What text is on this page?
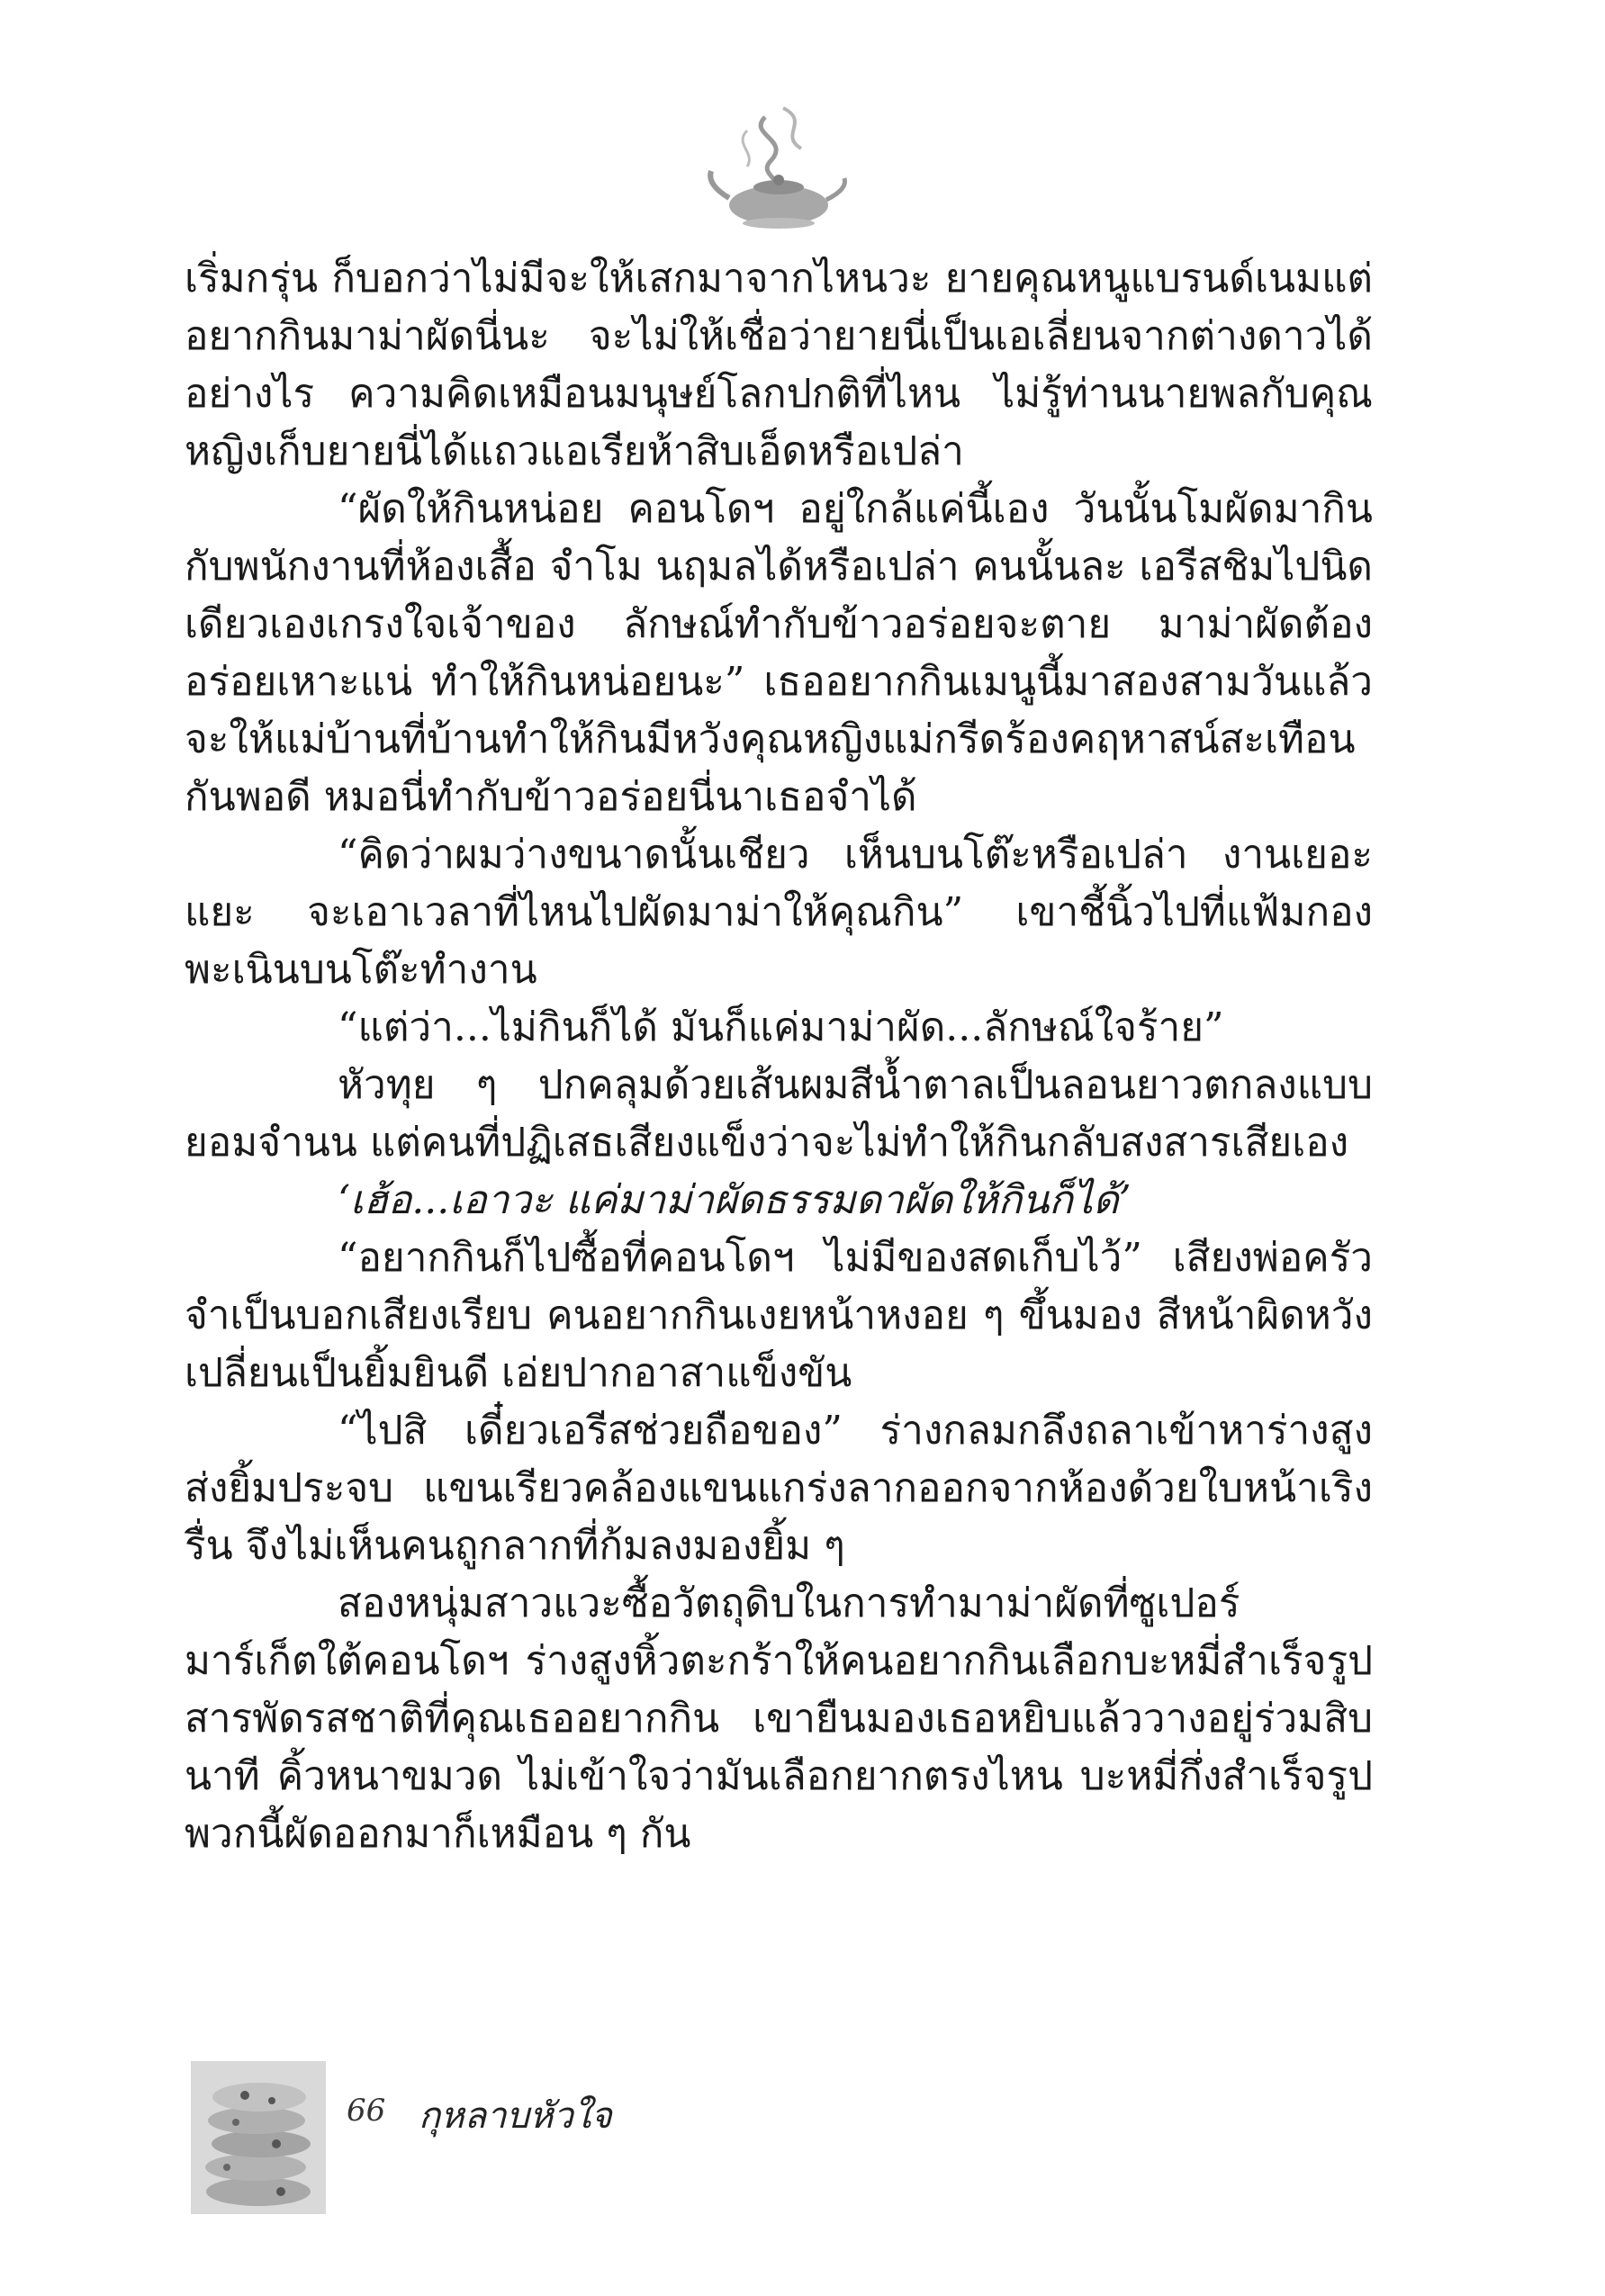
เริ่มกรุ่น ก็บอกว่าไม่มีจะให้เสกมาจากไหนวะ ยายคุณหนูแบรนด์เนมแต่อยากกินมาม่าผัดนี่นะ จะไม่ให้เชื่อว่ายายนี่เป็นเอเลี่ยนจากต่างดาวได้อย่างไร ความคิดเหมือนมนุษย์โลกปกติที่ไหน ไม่รู้ท่านนายพลกับคุณหญิงเก็บยายนี่ได้แถวแอเรียห้าสิบเอ็ดหรือเปล่า

“ผัดให้กินหน่อย คอนโดฯ อยู่ใกล้แค่นี้เอง วันนั้นโมผัดมากินกับพนักงานที่ห้องเสื้อ จำโม นฤมลได้หรือเปล่า คนนั้นละ เอรีสชิมไปนิดเดียวเองเกรงใจเจ้าของ ลักษณ์ทำกับข้าวอร่อยจะตาย มาม่าผัดต้องอร่อยเหาะแน่ ทำให้กินหน่อยนะ” เธออยากกินเมนูนี้มาสองสามวันแล้ว จะให้แม่บ้านที่บ้านทำให้กินมีหวังคุณหญิงแม่กรีดร้องคฤหาสน์สะเทือนกันพอดี หมอนี่ทำกับข้าวอร่อยนี่นาเธอจำได้

“คิดว่าผมว่างขนาดนั้นเชียว เห็นบนโต๊ะหรือเปล่า งานเยอะแยะ จะเอาเวลาที่ไหนไปผัดมาม่าให้คุณกิน” เขาชี้นิ้วไปที่แฟ้มกองพะเนินบนโต๊ะทำงาน

“แต่ว่า...ไม่กินก็ได้ มันก็แค่มาม่าผัด...ลักษณ์ใจร้าย”

หัวทุย ๆ ปกคลุมด้วยเส้นผมสีน้ำตาลเป็นลอนยาวตกลงแบบยอมจำนน แต่คนที่ปฏิเสธเสียงแข็งว่าจะไม่ทำให้กินกลับสงสารเสียเอง

‘เฮ้อ...เอาวะ แค่มาม่าผัดธรรมดาผัดให้กินก็ได้’

“อยากกินก็ไปซื้อที่คอนโดฯ ไม่มีของสดเก็บไว้” เสียงพ่อครัวจำเป็นบอกเสียงเรียบ คนอยากกินเงยหน้าหงอย ๆ ขึ้นมอง สีหน้าผิดหวังเปลี่ยนเป็นยิ้มยินดี เอ่ยปากอาสาแข็งขัน

“ไปสิ เดี๋ยวเอรีสช่วยถือของ” ร่างกลมกลึงถลาเข้าหาร่างสูง ส่งยิ้มประจบ แขนเรียวคล้องแขนแกร่งลากออกจากห้องด้วยใบหน้าเริงรื่น จึงไม่เห็นคนถูกลากที่ก้มลงมองยิ้ม ๆ

สองหนุ่มสาวแวะซื้อวัตถุดิบในการทำมาม่าผัดที่ซูเปอร์มาร์เก็ตใต้คอนโดฯ ร่างสูงหิ้วตะกร้าให้คนอยากกินเลือกบะหมี่สำเร็จรูปสารพัดรสชาติที่คุณเธออยากกิน เขายืนมองเธอหยิบแล้ววางอยู่ร่วมสิบนาที คิ้วหนาขมวด ไม่เข้าใจว่ามันเลือกยากตรงไหน บะหมี่กึ่งสำเร็จรูปพวกนี้ผัดออกมาก็เหมือน ๆ กัน

66 กุหลาบหัวใจ
